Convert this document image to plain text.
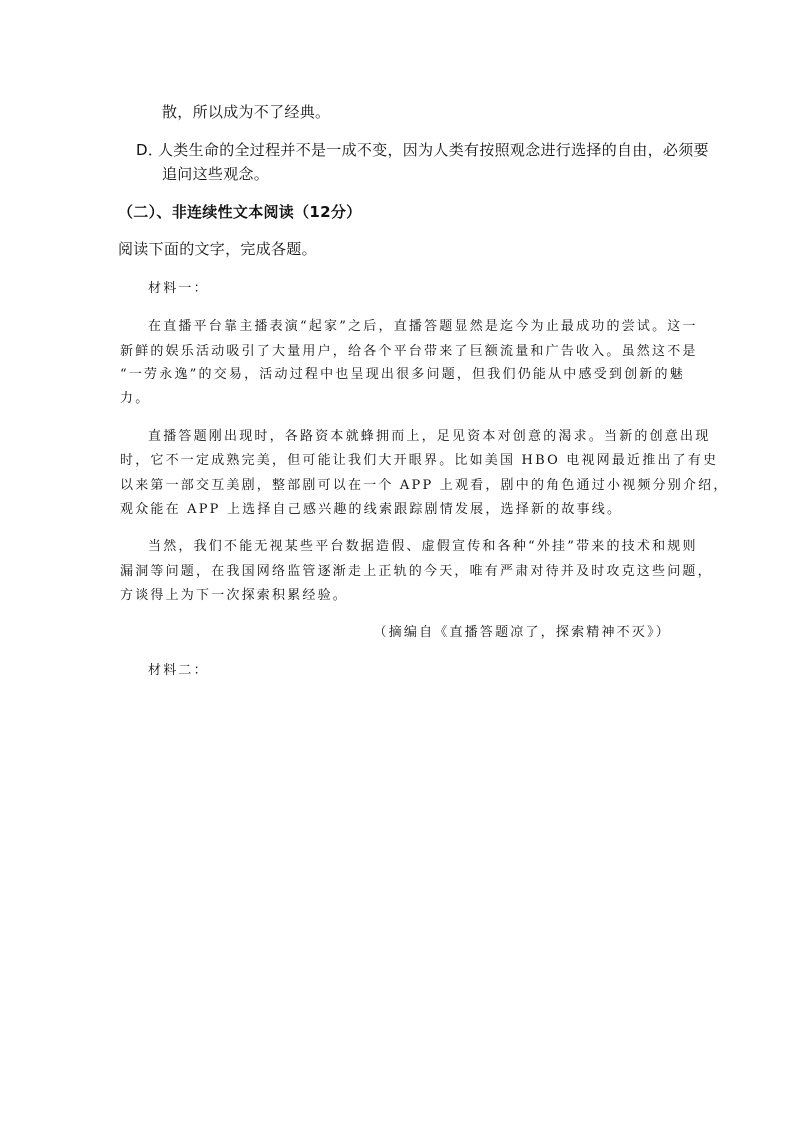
散，所以成为不了经典。

D．

人类生命的全过程并不是一成不变，因为人类有按照观念进行选择的自由，必须要

追问这些观念。

（二）、非连续性文本阅读（12分）

阅读下面的文字，完成各题。

材料一：

在直播平台靠主播表演“起家”之后，直播答题显然是迄今为止最成功的尝试。这一

新鲜的娱乐活动吸引了大量用户，给各个平台带来了巨额流量和广告收入。虽然这不是

“一劳永逸”的交易，活动过程中也呈现出很多问题，但我们仍能从中感受到创新的魅

力。

直播答题刚出现时，各路资本就蜂拥而上，足见资本对创意的渴求。当新的创意出现

时，它不一定成熟完美，但可能让我们大开眼界。比如美国 HBO 电视网最近推出了有史

以来第一部交互美剧，整部剧可以在一个 APP 上观看，剧中的角色通过小视频分别介绍，

观众能在 APP 上选择自己感兴趣的线索跟踪剧情发展，选择新的故事线。

当然，我们不能无视某些平台数据造假、虚假宣传和各种“外挂”带来的技术和规则

漏洞等问题，在我国网络监管逐渐走上正轨的今天，唯有严肃对待并及时攻克这些问题，

方谈得上为下一次探索积累经验。

（摘编自《直播答题凉了，探索精神不灭》）

材料二：
